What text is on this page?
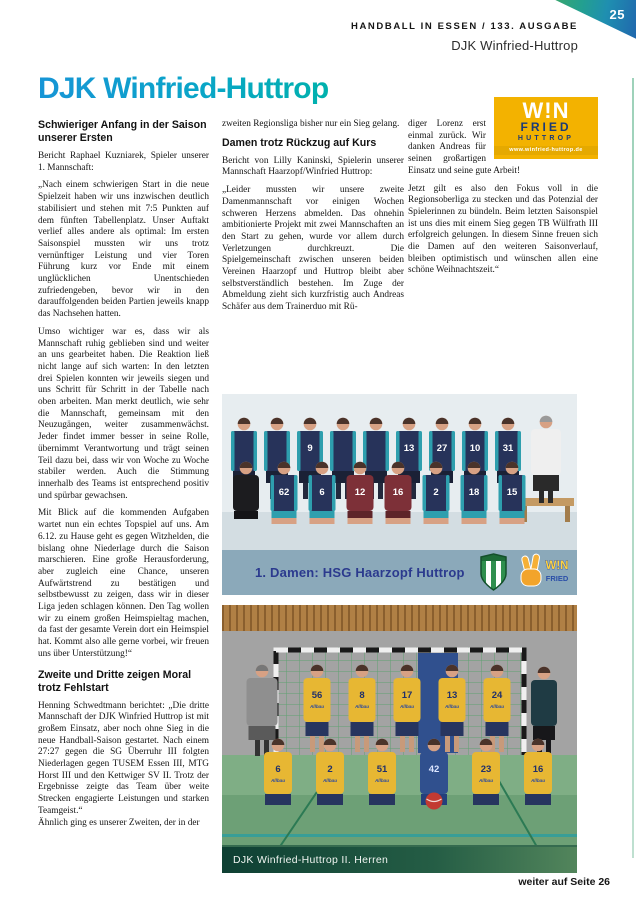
25
HANDBALL IN ESSEN / 133. AUSGABE
DJK Winfried-Huttrop
DJK Winfried-Huttrop
Schwieriger Anfang in der Saison unserer Ersten

Bericht Raphael Kuzniarek, Spieler unserer 1. Mannschaft:

„Nach einem schwierigen Start in die neue Spielzeit haben wir uns inzwischen deutlich stabilisiert und stehen mit 7:5 Punkten auf dem fünften Tabellenplatz. Unser Auftakt verlief alles andere als optimal: Im ersten Saisonspiel mussten wir uns trotz vernünftiger Leistung und vier Toren Führung kurz vor Ende mit einem unglücklichen Unentschieden zufriedengeben, bevor wir in den darauffolgenden beiden Partien jeweils knapp das Nachsehen hatten.

Umso wichtiger war es, dass wir als Mannschaft ruhig geblieben sind und weiter an uns gearbeitet haben. Die Reaktion ließ nicht lange auf sich warten: In den letzten drei Spielen konnten wir jeweils siegen und uns Schritt für Schritt in der Tabelle nach oben arbeiten. Man merkt deutlich, wie sehr die Mannschaft, gemeinsam mit den Neuzugängen, weiter zusammenwächst. Jeder findet immer besser in seine Rolle, übernimmt Verantwortung und trägt seinen Teil dazu bei, dass wir von Woche zu Woche stabiler werden. Auch die Stimmung innerhalb des Teams ist entsprechend positiv und spürbar gewachsen.

Mit Blick auf die kommenden Aufgaben wartet nun ein echtes Topspiel auf uns. Am 6.12. zu Hause geht es gegen Witzhelden, die bislang ohne Niederlage durch die Saison marschieren. Eine große Herausforderung, aber zugleich eine Chance, unseren Aufwärtstrend zu bestätigen und selbstbewusst zu zeigen, dass wir in dieser Liga jeden schlagen können. Den Tag wollen wir zu einem großen Heimspieltag machen, da fast der gesamte Verein dort ein Heimspiel hat. Kommt also alle gerne vorbei, wir freuen uns über Unterstützung!“

Zweite und Dritte zeigen Moral trotz Fehlstart

Henning Schwedtmann berichtet: „Die dritte Mannschaft der DJK Winfried Huttrop ist mit großem Einsatz, aber noch ohne Sieg in die neue Handball-Saison gestartet. Nach einem 27:27 gegen die SG Überruhr III folgten Niederlagen gegen TUSEM Essen III, MTG Horst III und den Kettwiger SV II. Trotz der Ergebnisse zeigte das Team über weite Strecken engagierte Leistungen und starken Teamgeist.“

Ähnlich ging es unserer Zweiten, der in der

zweiten Regionsliga bisher nur ein Sieg gelang.

Damen trotz Rückzug auf Kurs

Bericht von Lilly Kaninski, Spielerin unserer Mannschaft Haarzopf/Winfried Huttrop:

„Leider mussten wir unsere zweite Damenmannschaft vor einigen Wochen schweren Herzens abmelden. Das ohnehin ambitionierte Projekt mit zwei Mannschaften an den Start zu gehen, wurde vor allem durch Verletzungen durchkreuzt. Die Spielgemeinschaft zwischen unseren beiden Vereinen Haarzopf und Huttrop bleibt aber selbstverständlich bestehen. Im Zuge der Abmeldung zieht sich kurzfristig auch Andreas Schäfer aus dem Trainerduo mit Rü-

W!N
FRIED
HUTTROP
www.winfried-huttrop.de

diger Lorenz erst einmal zurück. Wir danken Andreas für seinen großartigen Einsatz und seine gute Arbeit!

Jetzt gilt es also den Fokus voll in die Regionsoberliga zu stecken und das Potenzial der Spielerinnen zu bündeln. Beim letzten Saisonspiel ist uns dies mit einem Sieg gegen TB Wülfrath III erfolgreich gelungen. In diesem Sinne freuen sich die Damen auf den weiteren Saisonverlauf, bleiben optimistisch und wünschen allen eine schöne Weihnachtszeit.“

9	13 27 10 31
62	6	12	16	2	18	15
1. Damen: HSG Haarzopf Huttrop	W!N
FRIED
56
Allbau
8
Allbau
17
Allbau
13
Allbau
24
Allbau
6
Allbau
2
Allbau
51
Allbau
42	23
Allbau
16
Allbau
DJK Winfried-Huttrop II. Herren
weiter auf Seite 26
